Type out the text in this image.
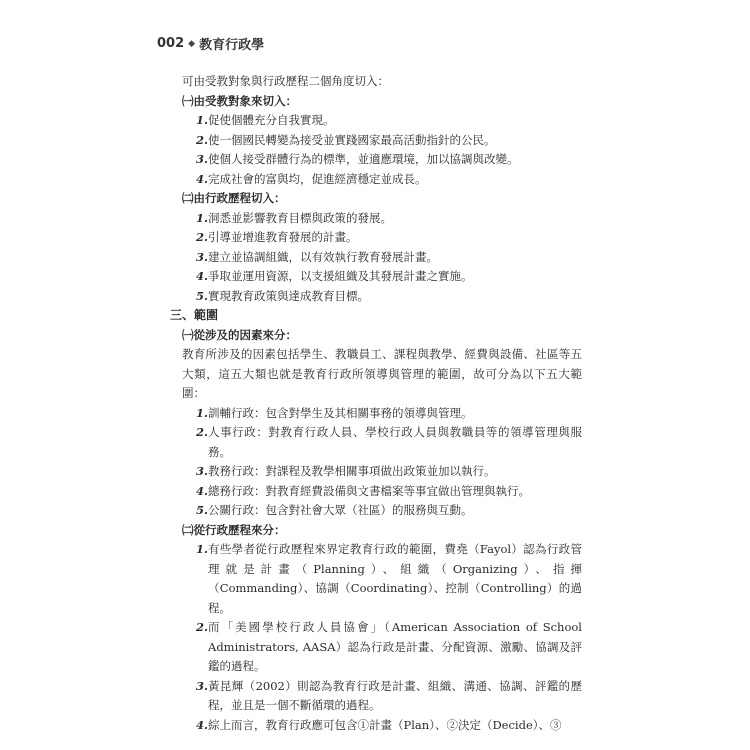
002 ◆ 教育行政學

可由受教對象與行政歷程二個角度切入：

㈠由受教對象來切入：

1. 促使個體充分自我實現。
2. 使一個國民轉變為接受並實踐國家最高活動指針的公民。
3. 使個人接受群體行為的標準，並適應環境，加以協調與改變。
4. 完成社會的富與均，促進經濟穩定並成長。

㈡由行政歷程切入：

1. 洞悉並影響教育目標與政策的發展。
2. 引導並增進教育發展的計畫。
3. 建立並協調組織，以有效執行教育發展計畫。
4. 爭取並運用資源，以支援組織及其發展計畫之實施。
5. 實現教育政策與達成教育目標。

三、範圍

㈠從涉及的因素來分：

教育所涉及的因素包括學生、教職員工、課程與教學、經費與設備、社區等五大類，這五大類也就是教育行政所領導與管理的範圍，故可分為以下五大範圍：

1. 訓輔行政：包含對學生及其相關事務的領導與管理。
2. 人事行政：對教育行政人員、學校行政人員與教職員等的領導管理與服務。
3. 教務行政：對課程及教學相關事項做出政策並加以執行。
4. 總務行政：對教育經費設備與文書檔案等事宜做出管理與執行。
5. 公關行政：包含對社會大眾（社區）的服務與互動。

㈡從行政歷程來分：

1. 有些學者從行政歷程來界定教育行政的範圍，費堯（Fayol）認為行政管理就是計畫（Planning）、組織（Organizing）、指揮（Commanding）、協調（Coordinating）、控制（Controlling）的過程。
2. 而「美國學校行政人員協會」（American Association of School Administrators, AASA）認為行政是計畫、分配資源、激勵、協調及評鑑的過程。
3. 黃昆輝（2002）則認為教育行政是計畫、組織、溝通、協調、評鑑的歷程，並且是一個不斷循環的過程。
4. 綜上而言，教育行政應可包含①計畫（Plan）、②決定（Decide）、③
